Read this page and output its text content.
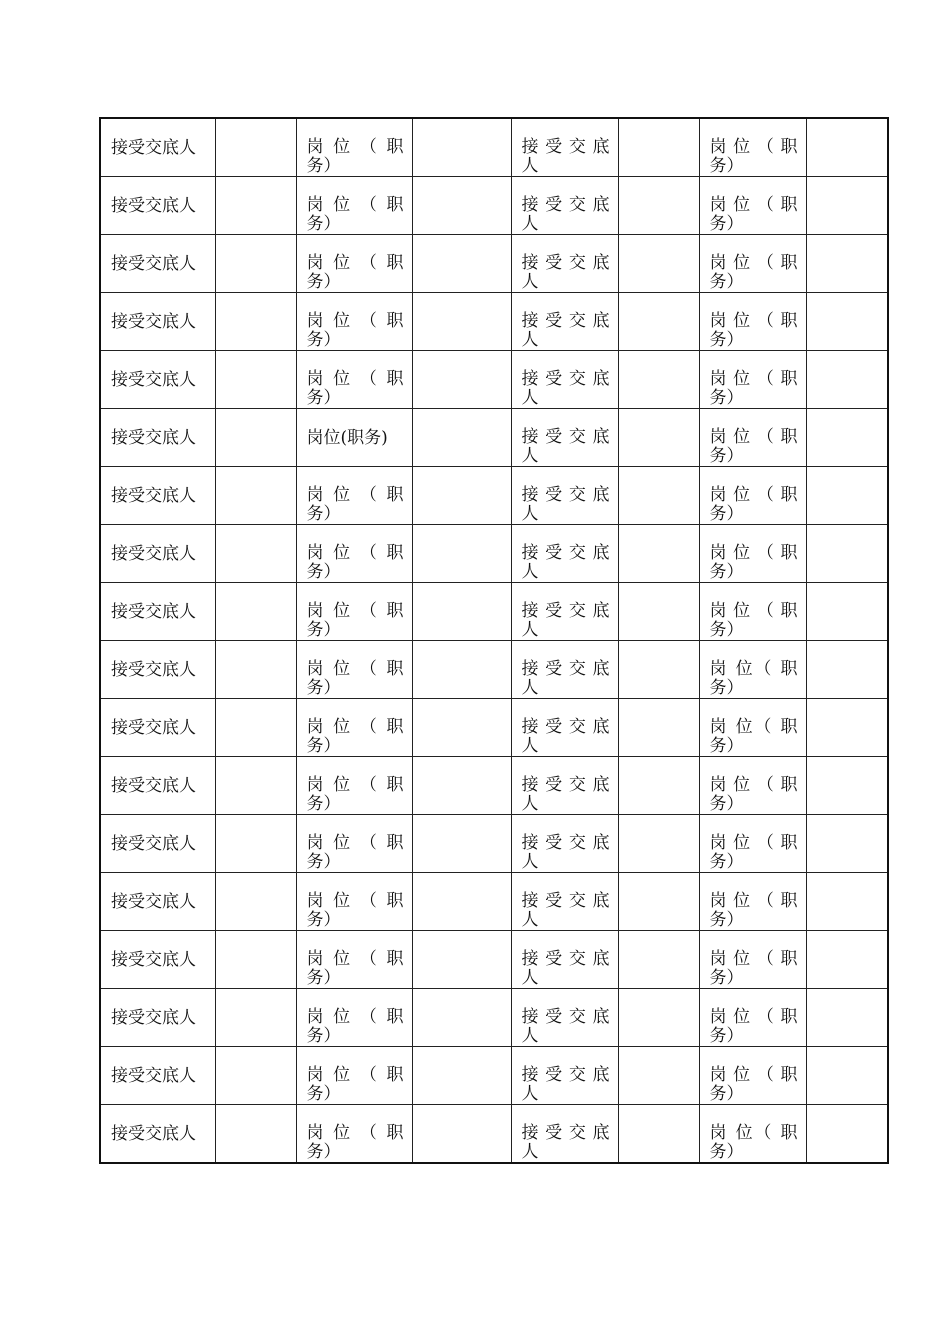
接受交底人		岗 位 （ 职 务）		接 受 交 底 人		岗 位 （ 职 务）	

接受交底人		岗 位 （ 职 务）		接 受 交 底 人		岗 位 （ 职 务）	

接受交底人		岗 位 （ 职 务）		接 受 交 底 人		岗 位 （ 职 务）	

接受交底人		岗 位 （ 职 务）		接 受 交 底 人		岗 位 （ 职 务）	

接受交底人		岗 位 （ 职 务）		接 受 交 底 人		岗 位 （ 职 务）	

接受交底人		岗位(职务)		接 受 交 底 人		岗 位 （ 职 务）	

接受交底人		岗 位 （ 职 务）		接 受 交 底 人		岗 位 （ 职 务）	

接受交底人		岗 位 （ 职 务）		接 受 交 底 人		岗 位 （ 职 务）	

接受交底人		岗 位 （ 职 务）		接 受 交 底 人		岗 位 （ 职 务）	

接受交底人		岗 位 （ 职 务）		接 受 交 底 人		岗 位（ 职 务）	

接受交底人		岗 位 （ 职 务）		接 受 交 底 人		岗 位（ 职 务）	

接受交底人		岗 位 （ 职 务）		接 受 交 底 人		岗 位 （ 职 务）	

接受交底人		岗 位 （ 职 务）		接 受 交 底 人		岗 位 （ 职 务）	

接受交底人		岗 位 （ 职 务）		接 受 交 底 人		岗 位 （ 职 务）	

接受交底人		岗 位 （ 职 务）		接 受 交 底 人		岗 位 （ 职 务）	

接受交底人		岗 位 （ 职 务）		接 受 交 底 人		岗 位 （ 职 务）	

接受交底人		岗 位 （ 职 务）		接 受 交 底 人		岗 位 （ 职 务）	

接受交底人		岗 位 （ 职 务）		接 受 交 底 人		岗 位（ 职 务）	
